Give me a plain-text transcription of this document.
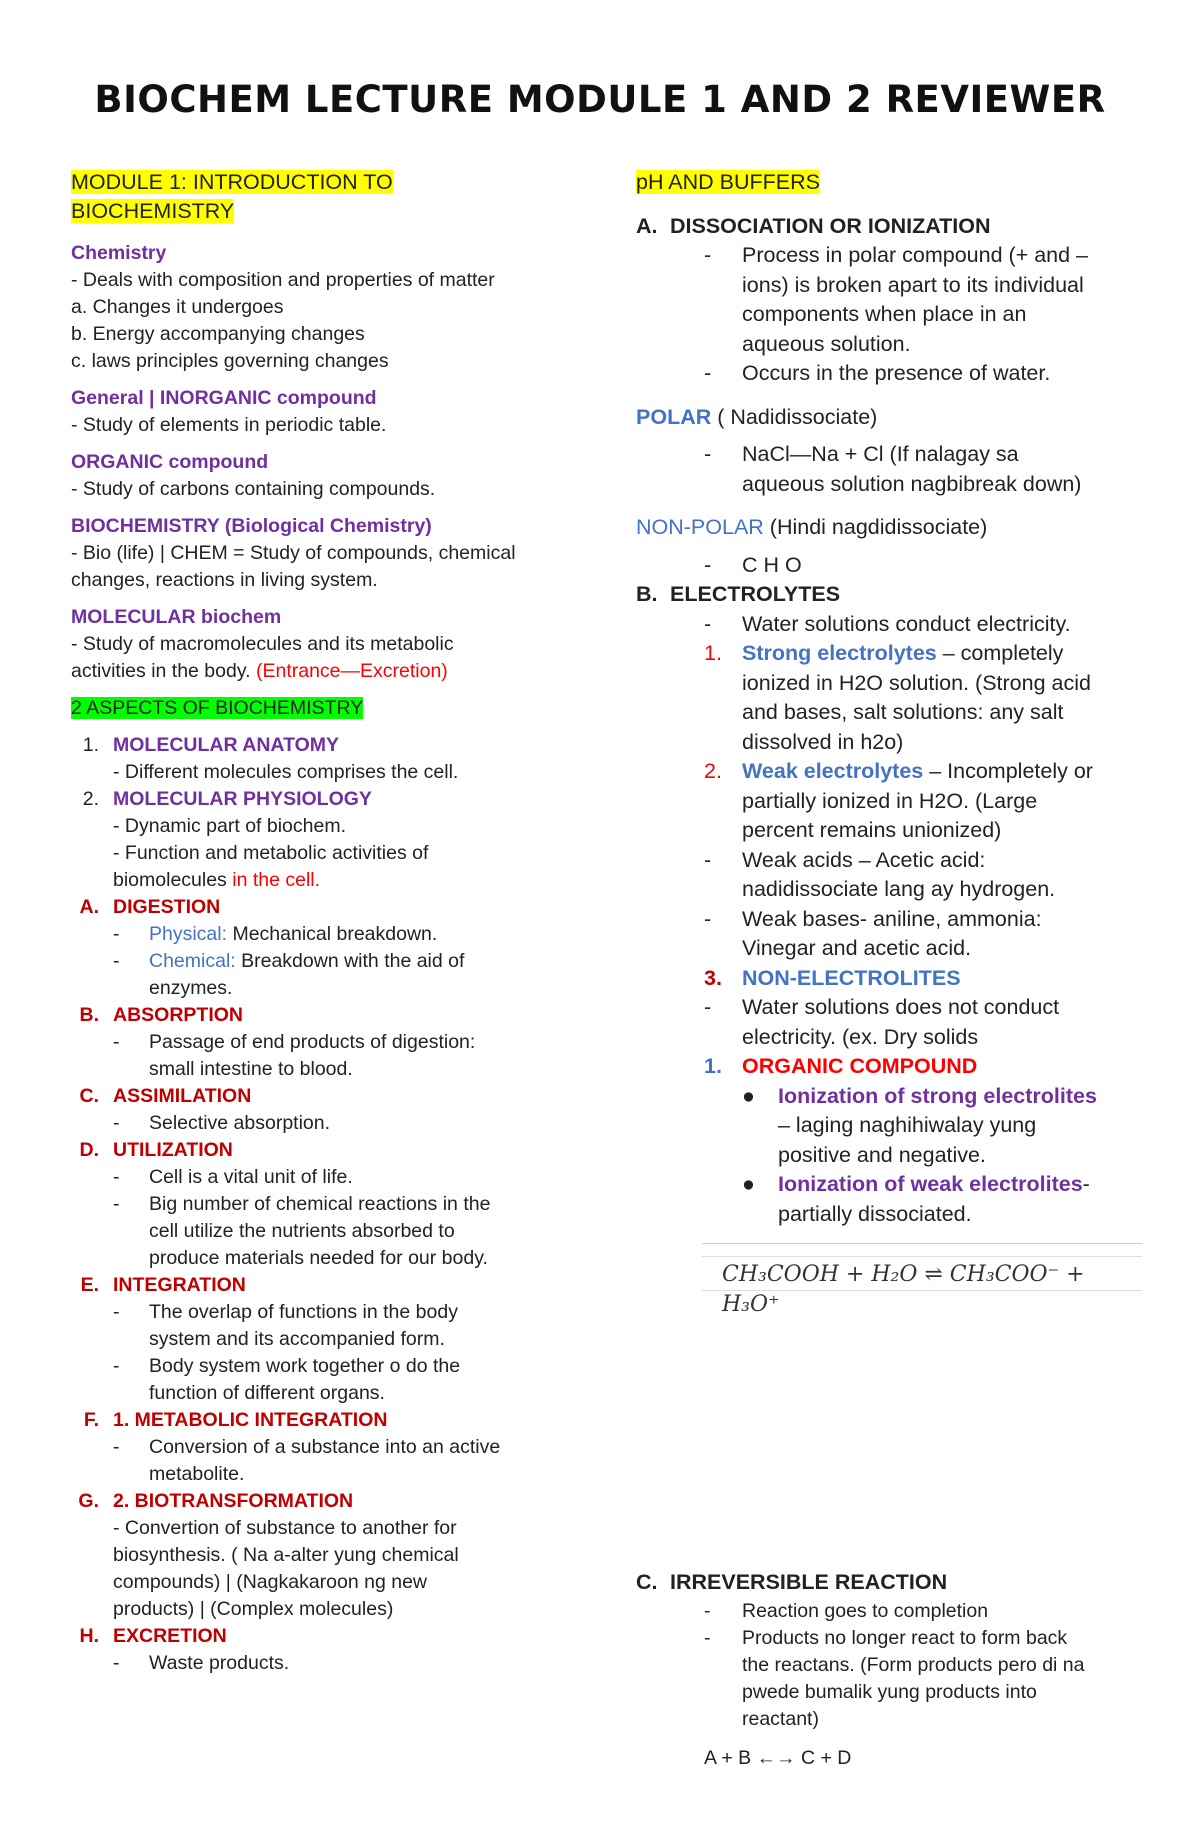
BIOCHEM LECTURE MODULE 1 AND 2 REVIEWER
MODULE 1: INTRODUCTION TO
BIOCHEMISTRY

Chemistry

- Deals with composition and properties of matter

a. Changes it undergoes

b. Energy accompanying changes

c. laws principles governing changes

General | INORGANIC compound

- Study of elements in periodic table.

ORGANIC compound

- Study of carbons containing compounds.

BIOCHEMISTRY (Biological Chemistry)

- Bio (life) | CHEM = Study of compounds, chemical

changes, reactions in living system.

MOLECULAR biochem

- Study of macromolecules and its metabolic

activities in the body. (Entrance—Excretion)

2 ASPECTS OF BIOCHEMISTRY

1. MOLECULAR ANATOMY

- Different molecules comprises the cell.

2. MOLECULAR PHYSIOLOGY

- Dynamic part of biochem.

- Function and metabolic activities of

biomolecules in the cell.

A. DIGESTION

-	Physical: Mechanical breakdown.

-	Chemical: Breakdown with the aid of

enzymes.

B. ABSORPTION

-	Passage of end products of digestion:

small intestine to blood.

C. ASSIMILATION

-	Selective absorption.

D. UTILIZATION

-	Cell is a vital unit of life.

-	Big number of chemical reactions in the

cell utilize the nutrients absorbed to

produce materials needed for our body.

E. INTEGRATION

-	The overlap of functions in the body

system and its accompanied form.

-	Body system work together o do the

function of different organs.

F. 1. METABOLIC INTEGRATION

-	Conversion of a substance into an active

metabolite.

G. 2. BIOTRANSFORMATION

- Convertion of substance to another for

biosynthesis. ( Na a-alter yung chemical

compounds) | (Nagkakaroon ng new

products) | (Complex molecules)

H. EXCRETION

-	Waste products.

pH AND BUFFERS

A. DISSOCIATION OR IONIZATION
-	Process in polar compound (+ and –

ions) is broken apart to its individual

components when place in an

aqueous solution.

-	Occurs in the presence of water.

POLAR ( Nadidissociate)

-	NaCl—Na + Cl (If nalagay sa

aqueous solution nagbibreak down)

NON-POLAR (Hindi nagdidissociate)

-	C H O

B. ELECTROLYTES
-	Water solutions conduct electricity.

1. Strong electrolytes – completely

ionized in H2O solution. (Strong acid

and bases, salt solutions: any salt

dissolved in h2o)

2. Weak electrolytes – Incompletely or

partially ionized in H2O. (Large

percent remains unionized)

-	Weak acids – Acetic acid:

nadidissociate lang ay hydrogen.

-	Weak bases- aniline, ammonia:

Vinegar and acetic acid.

3. NON-ELECTROLITES

-	Water solutions does not conduct

electricity. (ex. Dry solids

1. ORGANIC COMPOUND

●	Ionization of strong electrolites

– laging naghihiwalay yung

positive and negative.

●	Ionization of weak electrolites-

partially dissociated.

CH₃COOH + H₂O ⇌ CH₃COO⁻ + H₃O⁺
C. IRREVERSIBLE REACTION
-	Reaction goes to completion

-	Products no longer react to form back

the reactans. (Form products pero di na

pwede bumalik yung products into

reactant)

A + B ←→ C + D
